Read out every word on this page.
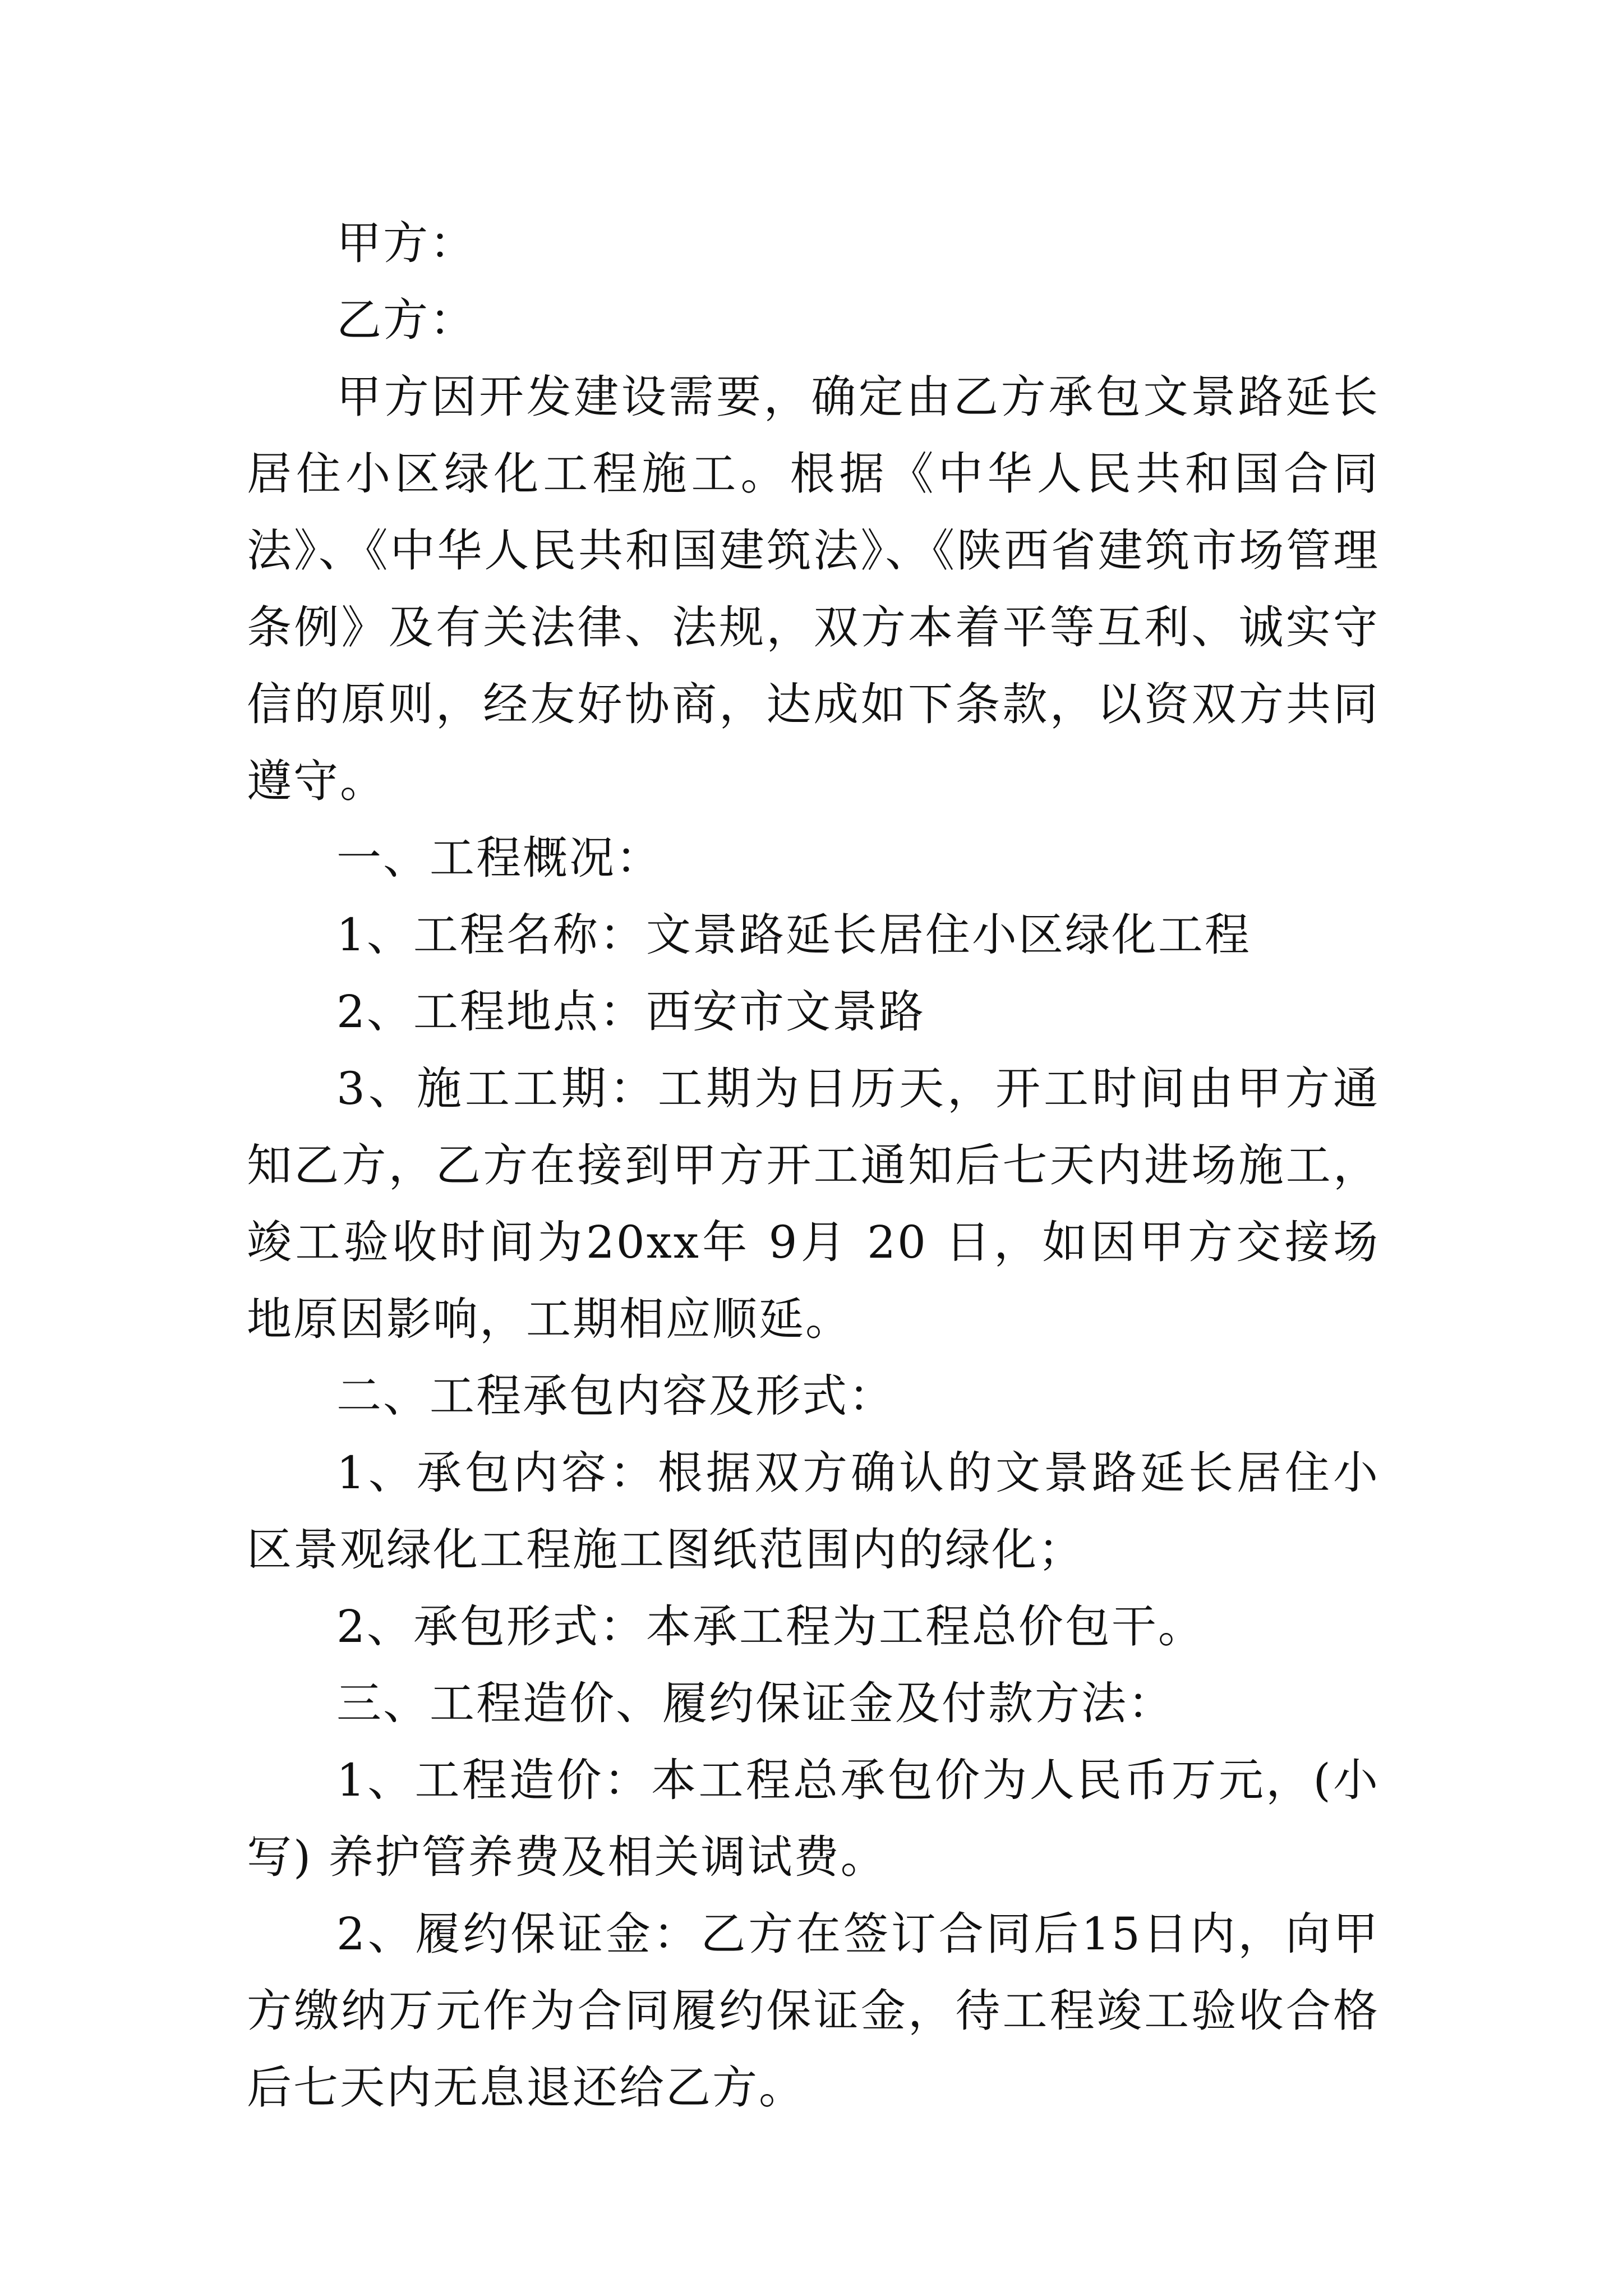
甲方：

乙方：

甲方因开发建设需要，确定由乙方承包文景路延长居住小区绿化工程施工。根据《中华人民共和国合同法》、《中华人民共和国建筑法》、《陕西省建筑市场管理条例》及有关法律、法规，双方本着平等互利、诚实守信的原则，经友好协商，达成如下条款，以资双方共同遵守。

一、工程概况：

1、工程名称：文景路延长居住小区绿化工程

2、工程地点：西安市文景路

3、施工工期：工期为日历天，开工时间由甲方通知乙方，乙方在接到甲方开工通知后七天内进场施工，竣工验收时间为20xx年 9月 20 日，如因甲方交接场地原因影响，工期相应顺延。

二、工程承包内容及形式：

1、承包内容：根据双方确认的文景路延长居住小区景观绿化工程施工图纸范围内的绿化；

2、承包形式：本承工程为工程总价包干。

三、工程造价、履约保证金及付款方法：

1、工程造价：本工程总承包价为人民币万元，(小写) 养护管养费及相关调试费。

2、履约保证金：乙方在签订合同后15日内，向甲方缴纳万元作为合同履约保证金，待工程竣工验收合格后七天内无息退还给乙方。
